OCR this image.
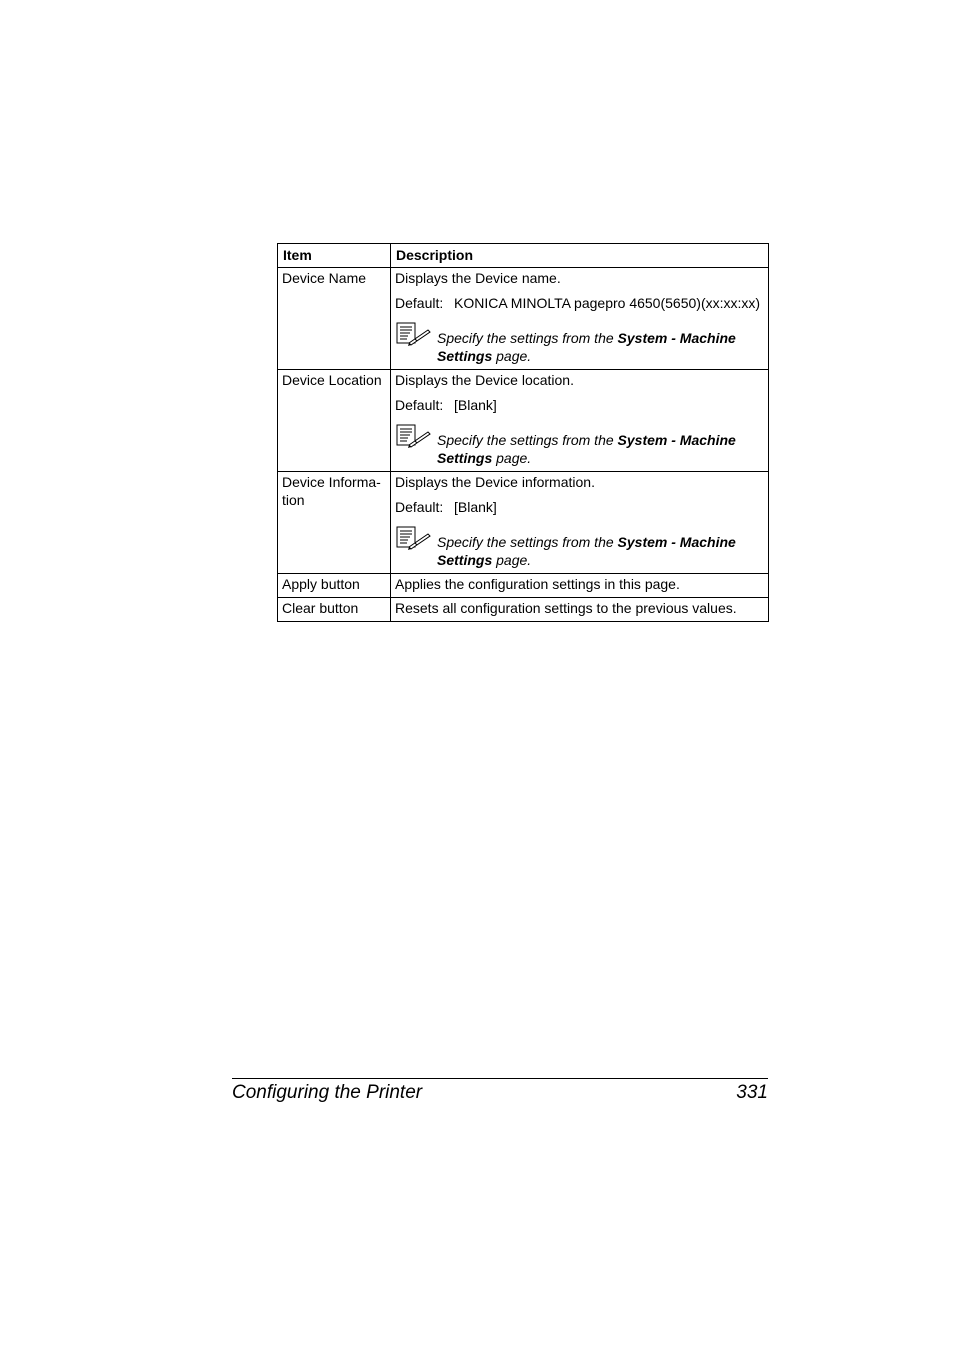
Item	Description
Device Name	Displays the Device name.

Default: KONICA MINOLTA pagepro 4650(5650)(xx:xx:xx)
Specify the settings from the System - Machine
Settings page.

Device Location	Displays the Device location.

Default: [Blank]
Specify the settings from the System - Machine
Settings page.

Device Informa-tion	Displays the Device information.

Default: [Blank]
Specify the settings from the System - Machine
Settings page.

Apply button	Applies the configuration settings in this page.
Clear button	Resets all configuration settings to the previous values.
Configuring the Printer	331
